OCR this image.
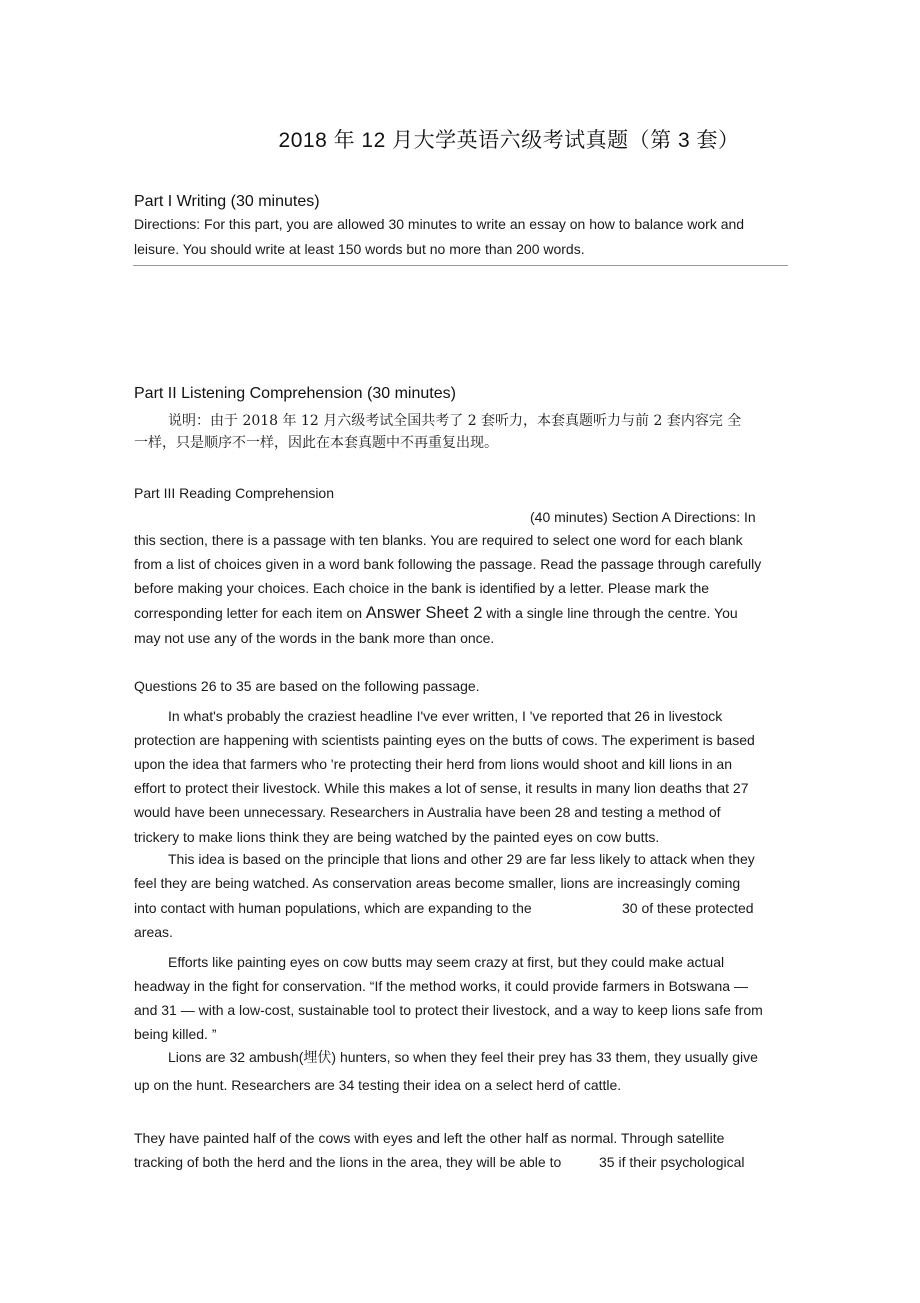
2018 年 12 月大学英语六级考试真题（第 3 套）
Part I Writing (30 minutes)
Directions: For this part, you are allowed 30 minutes to write an essay on how to balance work and
leisure. You should write at least 150 words but no more than 200 words.
Part II Listening Comprehension (30 minutes)
说明：由于 2018 年 12 月六级考试全国共考了 2 套听力，本套真题听力与前 2 套内容完 全
一样，只是顺序不一样，因此在本套真题中不再重复出现。
Part III Reading Comprehension
(40 minutes) Section A Directions: In
this section, there is a passage with ten blanks. You are required to select one word for each blank
from a list of choices given in a word bank following the passage. Read the passage through carefully
before making your choices. Each choice in the bank is identified by a letter. Please mark the
corresponding letter for each item on Answer Sheet 2 with a single line through the centre. You
may not use any of the words in the bank more than once.
Questions 26 to 35 are based on the following passage.
In what's probably the craziest headline I've ever written, I 've reported that 26 in livestock
protection are happening with scientists painting eyes on the butts of cows. The experiment is based
upon the idea that farmers who 're protecting their herd from lions would shoot and kill lions in an
effort to protect their livestock. While this makes a lot of sense, it results in many lion deaths that 27
would have been unnecessary. Researchers in Australia have been 28 and testing a method of
trickery to make lions think they are being watched by the painted eyes on cow butts.
This idea is based on the principle that lions and other 29 are far less likely to attack when they
feel they are being watched. As conservation areas become smaller, lions are increasingly coming
into contact with human populations, which are expanding to the	30 of these protected
areas.
Efforts like painting eyes on cow butts may seem crazy at first, but they could make actual
headway in the fight for conservation. “If the method works, it could provide farmers in Botswana —
and 31 — with a low-cost, sustainable tool to protect their livestock, and a way to keep lions safe from
being killed. ”
Lions are 32 ambush(埋伏) hunters, so when they feel their prey has 33 them, they usually give
up on the hunt. Researchers are 34 testing their idea on a select herd of cattle.
They have painted half of the cows with eyes and left the other half as normal. Through satellite
tracking of both the herd and the lions in the area, they will be able to	35 if their psychological
